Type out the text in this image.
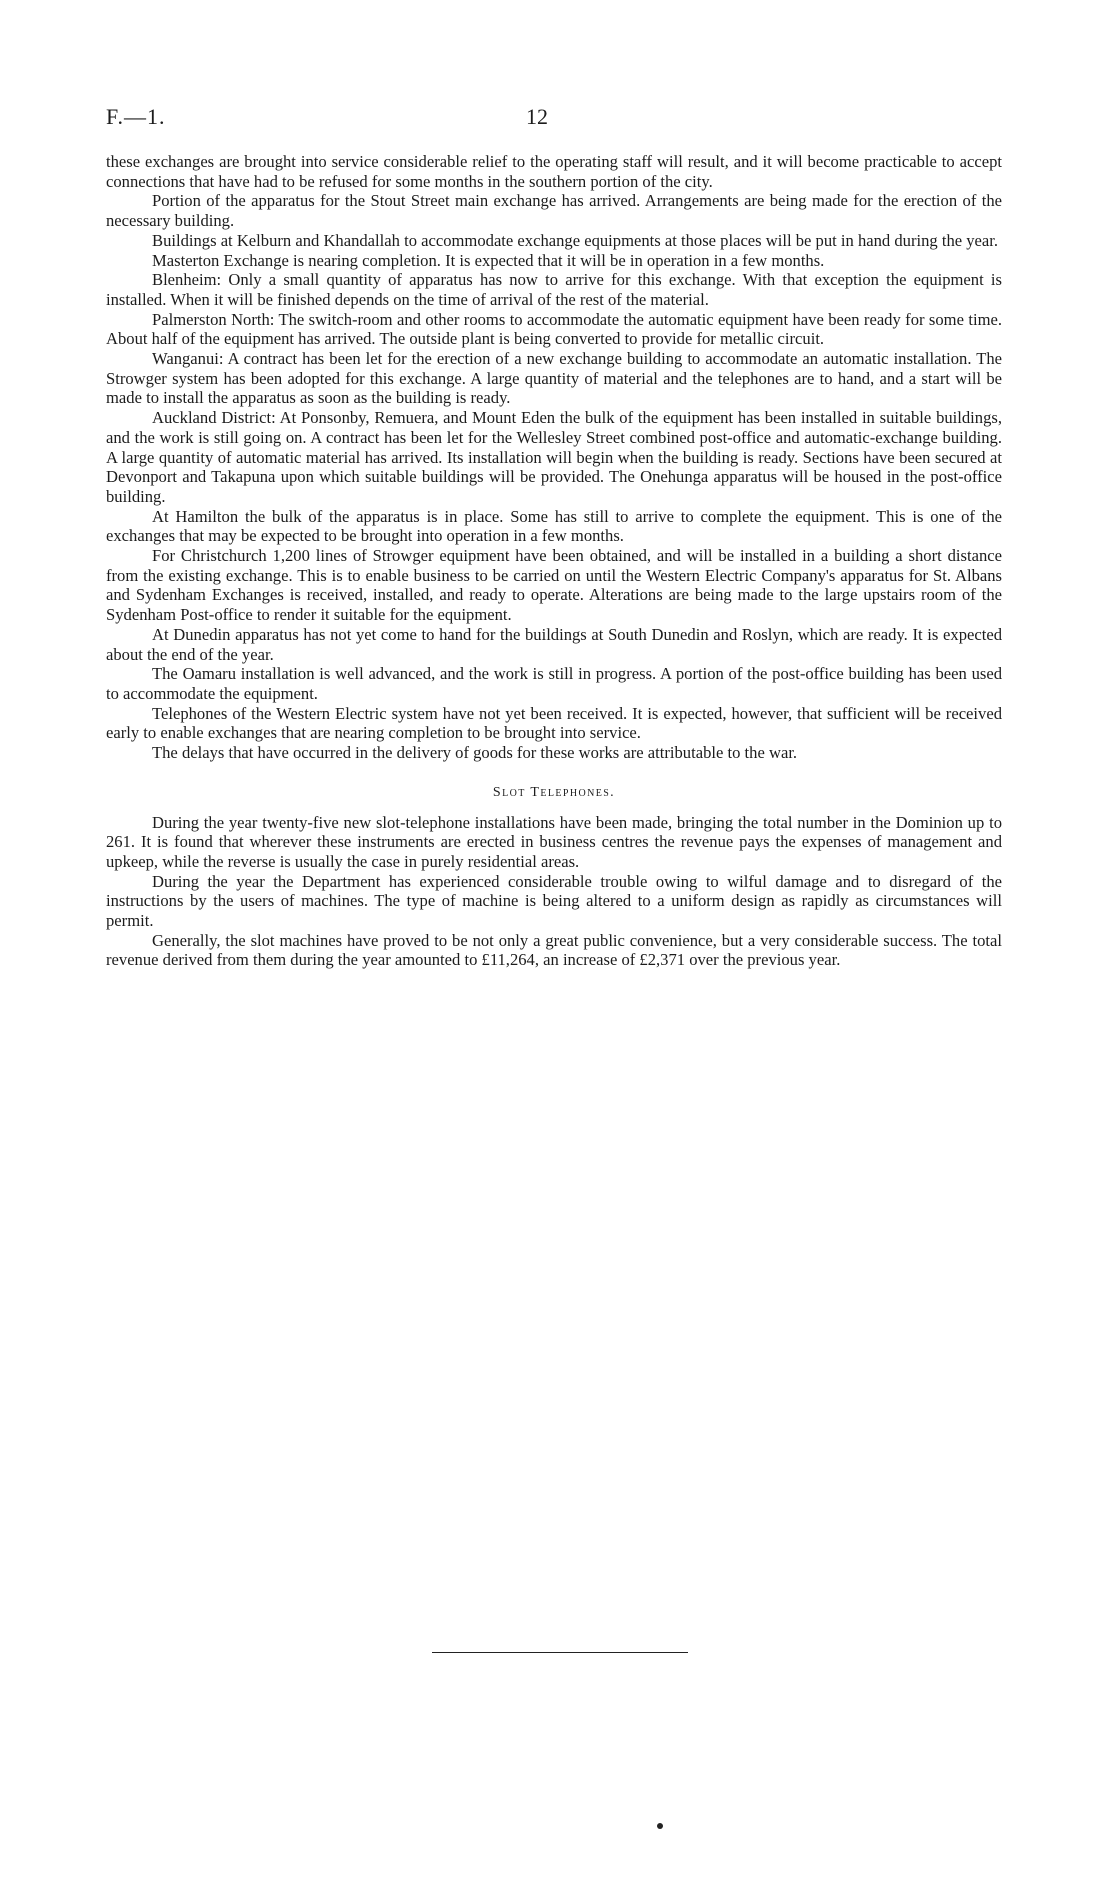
F.—1.	12

these exchanges are brought into service considerable relief to the operating staff will result, and it will become practicable to accept connections that have had to be refused for some months in the southern portion of the city.

Portion of the apparatus for the Stout Street main exchange has arrived. Arrangements are being made for the erection of the necessary building.

Buildings at Kelburn and Khandallah to accommodate exchange equipments at those places will be put in hand during the year.

Masterton Exchange is nearing completion. It is expected that it will be in operation in a few months.

Blenheim: Only a small quantity of apparatus has now to arrive for this exchange. With that exception the equipment is installed. When it will be finished depends on the time of arrival of the rest of the material.

Palmerston North: The switch-room and other rooms to accommodate the automatic equipment have been ready for some time. About half of the equipment has arrived. The outside plant is being converted to provide for metallic circuit.

Wanganui: A contract has been let for the erection of a new exchange building to accommodate an automatic installation. The Strowger system has been adopted for this exchange. A large quantity of material and the telephones are to hand, and a start will be made to install the apparatus as soon as the building is ready.

Auckland District: At Ponsonby, Remuera, and Mount Eden the bulk of the equipment has been installed in suitable buildings, and the work is still going on. A contract has been let for the Wellesley Street combined post-office and automatic-exchange building. A large quantity of automatic material has arrived. Its installation will begin when the building is ready. Sections have been secured at Devonport and Takapuna upon which suitable buildings will be provided. The Onehunga apparatus will be housed in the post-office building.

At Hamilton the bulk of the apparatus is in place. Some has still to arrive to complete the equipment. This is one of the exchanges that may be expected to be brought into operation in a few months.

For Christchurch 1,200 lines of Strowger equipment have been obtained, and will be installed in a building a short distance from the existing exchange. This is to enable business to be carried on until the Western Electric Company's apparatus for St. Albans and Sydenham Exchanges is received, installed, and ready to operate. Alterations are being made to the large upstairs room of the Sydenham Post-office to render it suitable for the equipment.

At Dunedin apparatus has not yet come to hand for the buildings at South Dunedin and Roslyn, which are ready. It is expected about the end of the year.

The Oamaru installation is well advanced, and the work is still in progress. A portion of the post-office building has been used to accommodate the equipment.

Telephones of the Western Electric system have not yet been received. It is expected, however, that sufficient will be received early to enable exchanges that are nearing completion to be brought into service.

The delays that have occurred in the delivery of goods for these works are attributable to the war.

Slot Telephones.

During the year twenty-five new slot-telephone installations have been made, bringing the total number in the Dominion up to 261. It is found that wherever these instruments are erected in business centres the revenue pays the expenses of management and upkeep, while the reverse is usually the case in purely residential areas.

During the year the Department has experienced considerable trouble owing to wilful damage and to disregard of the instructions by the users of machines. The type of machine is being altered to a uniform design as rapidly as circumstances will permit.

Generally, the slot machines have proved to be not only a great public convenience, but a very considerable success. The total revenue derived from them during the year amounted to £11,264, an increase of £2,371 over the previous year.
